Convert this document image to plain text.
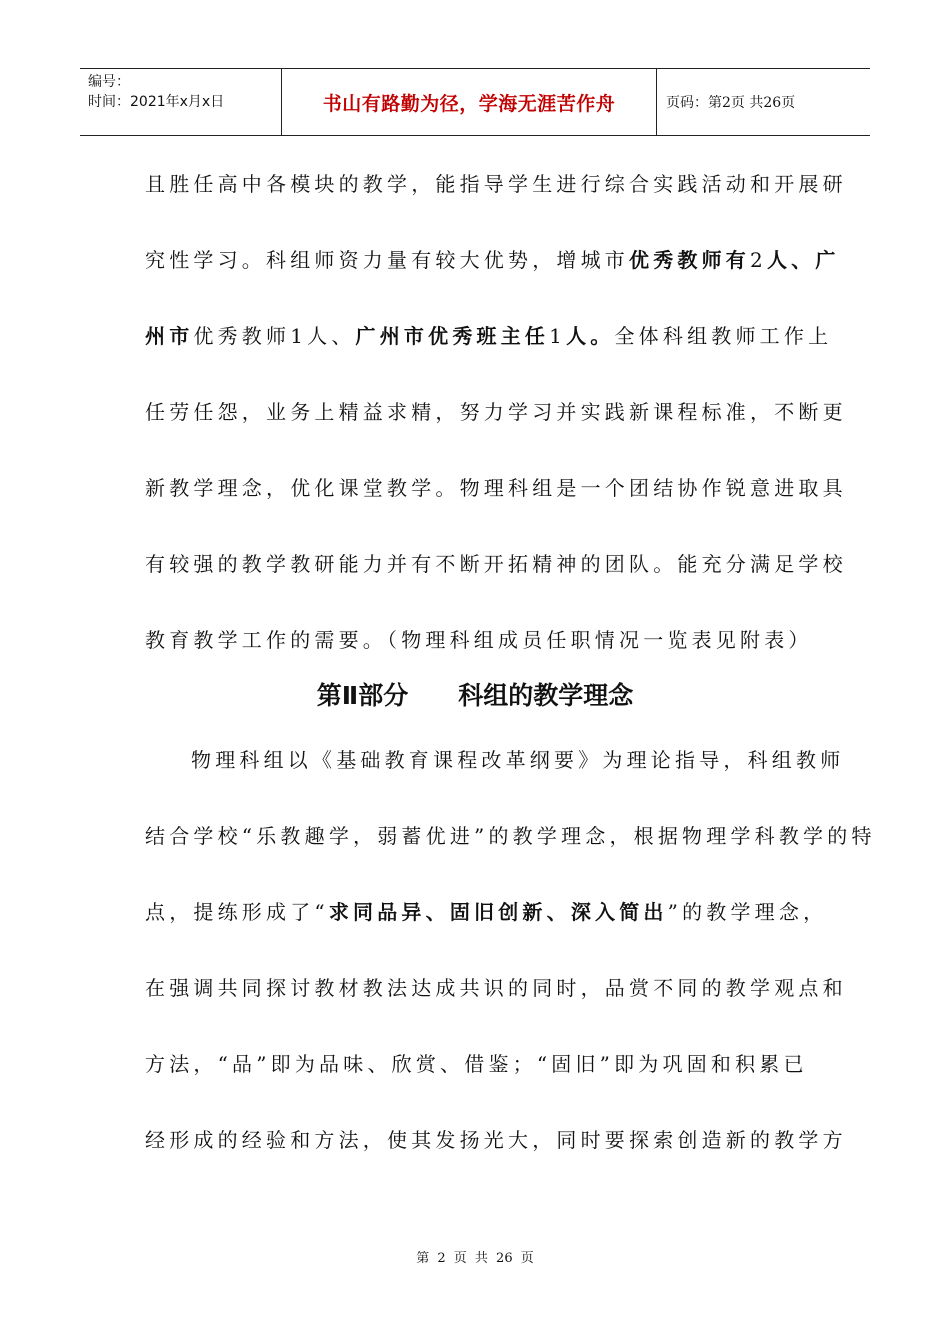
编号：
时间：2021年x月x日	书山有路勤为径，学海无涯苦作舟	页码：第2页 共26页
且胜任高中各模块的教学，能指导学生进行综合实践活动和开展研
究性学习。科组师资力量有较大优势，增城市优秀教师有2人、广
州市优秀教师1人、广州市优秀班主任1人。全体科组教师工作上
任劳任怨，业务上精益求精，努力学习并实践新课程标准，不断更
新教学理念，优化课堂教学。物理科组是一个团结协作锐意进取具
有较强的教学教研能力并有不断开拓精神的团队。能充分满足学校
教育教学工作的需要。（物理科组成员任职情况一览表见附表）
第Ⅱ部分 科组的教学理念
物理科组以《基础教育课程改革纲要》为理论指导，科组教师
结合学校“乐教趣学，弱蓄优进”的教学理念，根据物理学科教学的特
点，提练形成了“求同品异、固旧创新、深入简出”的教学理念，
在强调共同探讨教材教法达成共识的同时，品赏不同的教学观点和
方法，“品”即为品味、欣赏、借鉴；“固旧”即为巩固和积累已
经形成的经验和方法，使其发扬光大，同时要探索创造新的教学方
第 2 页 共 26 页
